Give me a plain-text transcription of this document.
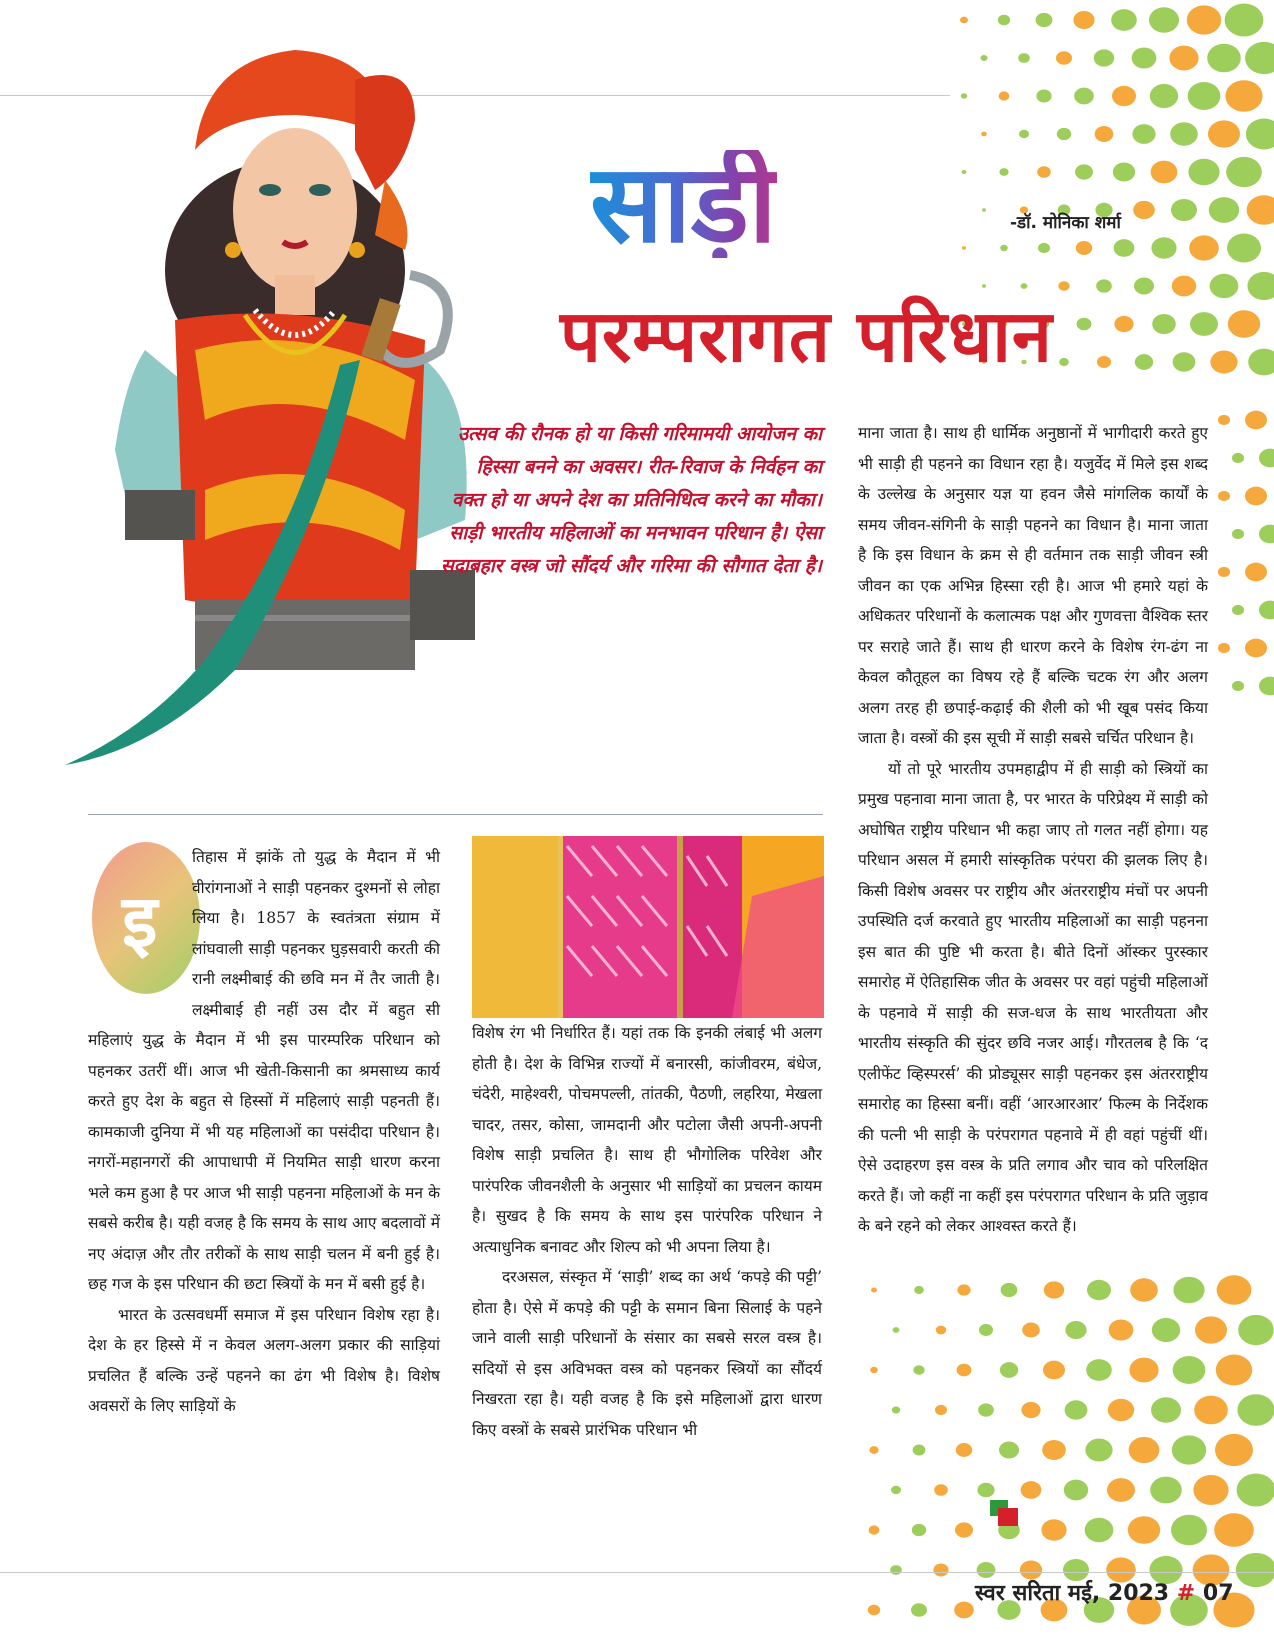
साड़ी	-डॉ. मोनिका शर्मा
परम्परागत परिधान
उत्सव की रौनक हो या किसी गरिमामयी आयोजन का हिस्सा बनने का अवसर। रीत-रिवाज के निर्वहन का वक्त हो या अपने देश का प्रतिनिधित्व करने का मौका। साड़ी भारतीय महिलाओं का मनभावन परिधान है। ऐसा सदाबहार वस्त्र जो सौंदर्य और गरिमा की सौगात देता है।
इ

तिहास में झांकें तो युद्ध के मैदान में भी वीरांगनाओं ने साड़ी पहनकर दुश्मनों से लोहा लिया है। 1857 के स्वतंत्रता संग्राम में लांघवाली साड़ी पहनकर घुड़सवारी करती की रानी लक्ष्मीबाई की छवि मन में तैर जाती है। लक्ष्मीबाई ही नहीं उस दौर में बहुत सी महिलाएं युद्ध के मैदान में भी इस पारम्परिक परिधान को पहनकर उतरीं थीं। आज भी खेती-किसानी का श्रमसाध्य कार्य करते हुए देश के बहुत से हिस्सों में महिलाएं साड़ी पहनती हैं। कामकाजी दुनिया में भी यह महिलाओं का पसंदीदा परिधान है। नगरों-महानगरों की आपाधापी में नियमित साड़ी धारण करना भले कम हुआ है पर आज भी साड़ी पहनना महिलाओं के मन के सबसे करीब है। यही वजह है कि समय के साथ आए बदलावों में नए अंदाज़ और तौर तरीकों के साथ साड़ी चलन में बनी हुई है। छह गज के इस परिधान की छटा स्त्रियों के मन में बसी हुई है।

भारत के उत्सवधर्मी समाज में इस परिधान विशेष रहा है। देश के हर हिस्से में न केवल अलग-अलग प्रकार की साड़ियां प्रचलित हैं बल्कि उन्हें पहनने का ढंग भी विशेष है। विशेष अवसरों के लिए साड़ियों के

विशेष रंग भी निर्धारित हैं। यहां तक कि इनकी लंबाई भी अलग होती है। देश के विभिन्न राज्यों में बनारसी, कांजीवरम, बंधेज, चंदेरी, माहेश्वरी, पोचमपल्ली, तांतकी, पैठणी, लहरिया, मेखला चादर, तसर, कोसा, जामदानी और पटोला जैसी अपनी-अपनी विशेष साड़ी प्रचलित है। साथ ही भौगोलिक परिवेश और पारंपरिक जीवनशैली के अनुसार भी साड़ियों का प्रचलन कायम है। सुखद है कि समय के साथ इस पारंपरिक परिधान ने अत्याधुनिक बनावट और शिल्प को भी अपना लिया है।

दरअसल, संस्कृत में ‘साड़ी’ शब्द का अर्थ ‘कपड़े की पट्टी’ होता है। ऐसे में कपड़े की पट्टी के समान बिना सिलाई के पहने जाने वाली साड़ी परिधानों के संसार का सबसे सरल वस्त्र है। सदियों से इस अविभक्त वस्त्र को पहनकर स्त्रियों का सौंदर्य निखरता रहा है। यही वजह है कि इसे महिलाओं द्वारा धारण किए वस्त्रों के सबसे प्रारंभिक परिधान भी

माना जाता है। साथ ही धार्मिक अनुष्ठानों में भागीदारी करते हुए भी साड़ी ही पहनने का विधान रहा है। यजुर्वेद में मिले इस शब्द के उल्लेख के अनुसार यज्ञ या हवन जैसे मांगलिक कार्यों के समय जीवन-संगिनी के साड़ी पहनने का विधान है। माना जाता है कि इस विधान के क्रम से ही वर्तमान तक साड़ी जीवन स्त्री जीवन का एक अभिन्न हिस्सा रही है। आज भी हमारे यहां के अधिकतर परिधानों के कलात्मक पक्ष और गुणवत्ता वैश्विक स्तर पर सराहे जाते हैं। साथ ही धारण करने के विशेष रंग-ढंग ना केवल कौतूहल का विषय रहे हैं बल्कि चटक रंग और अलग अलग तरह ही छपाई-कढ़ाई की शैली को भी खूब पसंद किया जाता है। वस्त्रों की इस सूची में साड़ी सबसे चर्चित परिधान है।

यों तो पूरे भारतीय उपमहाद्वीप में ही साड़ी को स्त्रियों का प्रमुख पहनावा माना जाता है, पर भारत के परिप्रेक्ष्य में साड़ी को अघोषित राष्ट्रीय परिधान भी कहा जाए तो गलत नहीं होगा। यह परिधान असल में हमारी सांस्कृतिक परंपरा की झलक लिए है। किसी विशेष अवसर पर राष्ट्रीय और अंतरराष्ट्रीय मंचों पर अपनी उपस्थिति दर्ज करवाते हुए भारतीय महिलाओं का साड़ी पहनना इस बात की पुष्टि भी करता है। बीते दिनों ऑस्कर पुरस्कार समारोह में ऐतिहासिक जीत के अवसर पर वहां पहुंची महिलाओं के पहनावे में साड़ी की सज-धज के साथ भारतीयता और भारतीय संस्कृति की सुंदर छवि नजर आई। गौरतलब है कि ‘द एलीफेंट व्हिस्परर्स’ की प्रोड्यूसर साड़ी पहनकर इस अंतरराष्ट्रीय समारोह का हिस्सा बनीं। वहीं ‘आरआरआर’ फिल्म के निर्देशक की पत्नी भी साड़ी के परंपरागत पहनावे में ही वहां पहुंचीं थीं। ऐसे उदाहरण इस वस्त्र के प्रति लगाव और चाव को परिलक्षित करते हैं। जो कहीं ना कहीं इस परंपरागत परिधान के प्रति जुड़ाव के बने रहने को लेकर आश्वस्त करते हैं।

स्वर सरिता मई, 2023 # 07
